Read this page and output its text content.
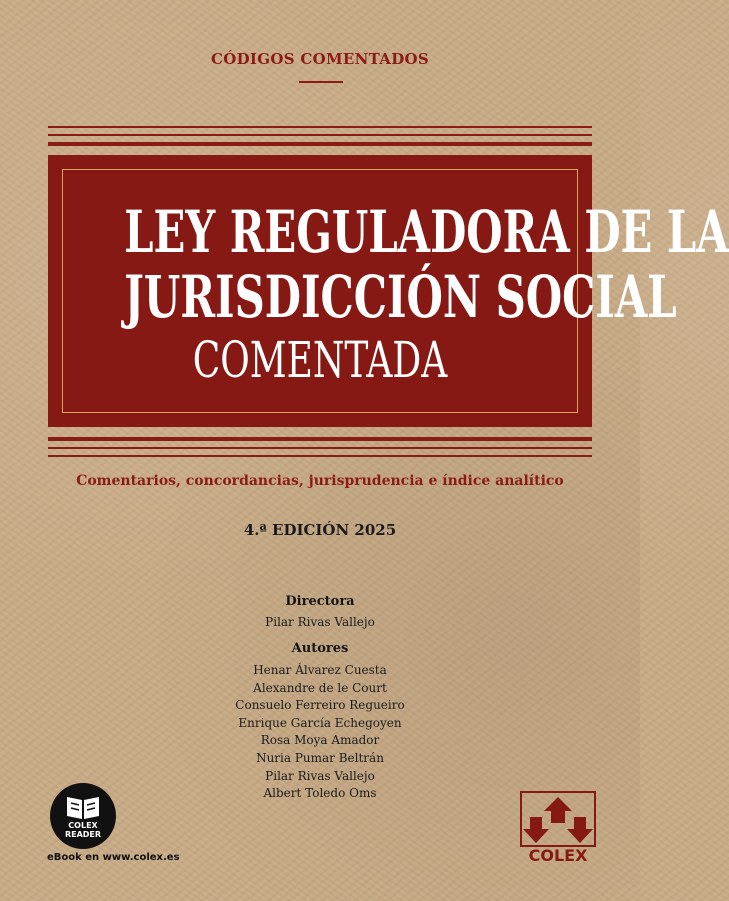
CÓDIGOS COMENTADOS
LEY REGULADORA DE LA
JURISDICCIÓN SOCIAL
COMENTADA
Comentarios, concordancias, jurisprudencia e índice analítico
4.ª EDICIÓN 2025
Directora
Pilar Rivas Vallejo
Autores
Henar Álvarez Cuesta
Alexandre de le Court
Consuelo Ferreiro Regueiro
Enrique García Echegoyen
Rosa Moya Amador
Nuria Pumar Beltrán
Pilar Rivas Vallejo
Albert Toledo Oms
COLEX
READER
eBook en www.colex.es	COLEX
